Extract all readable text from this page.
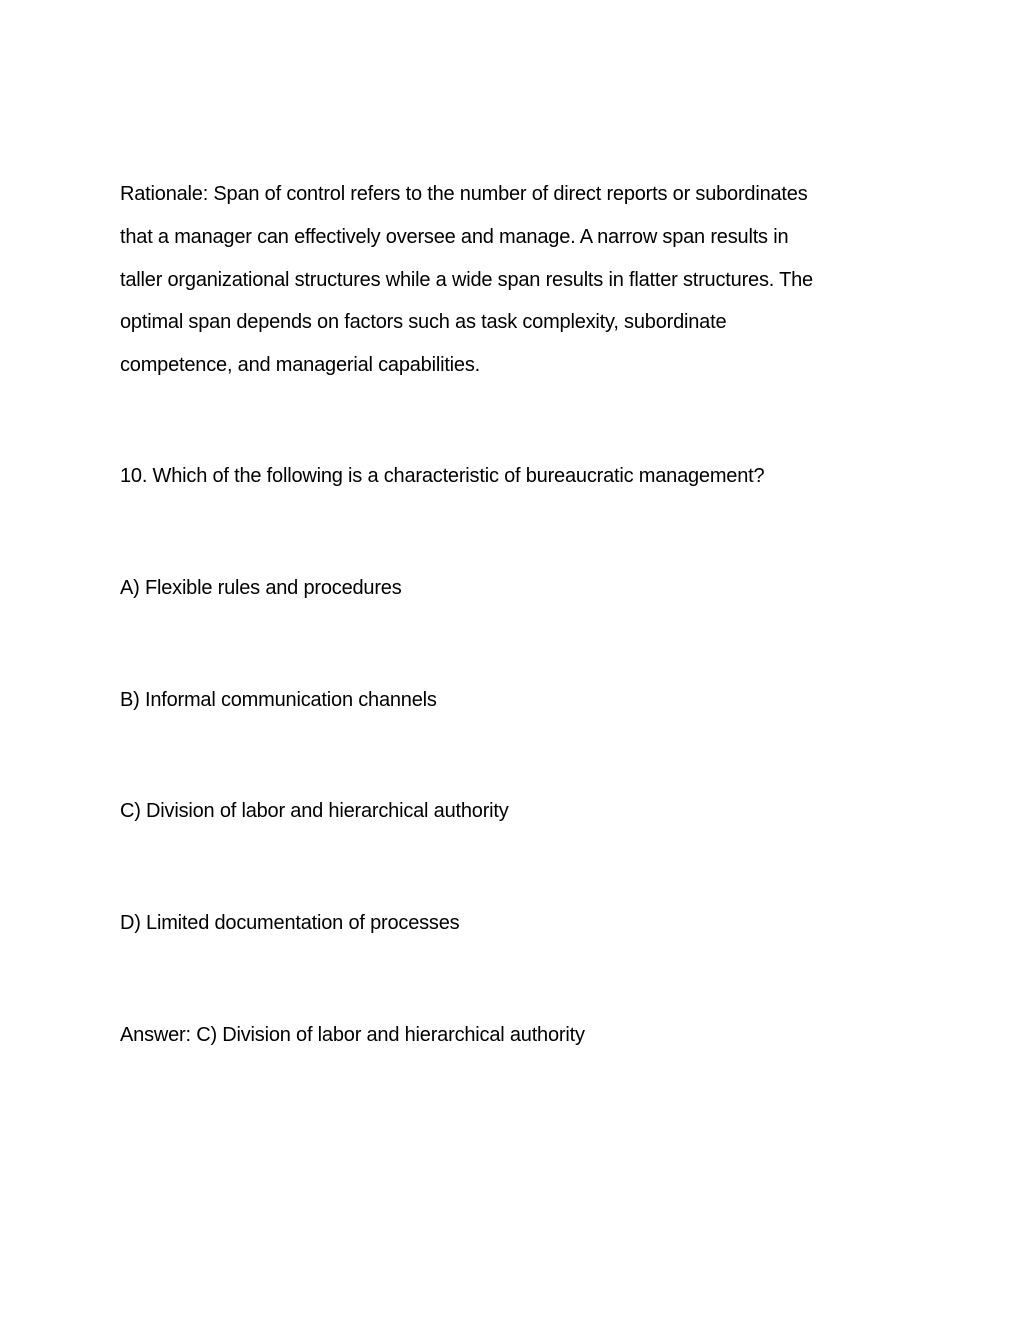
Rationale: Span of control refers to the number of direct reports or subordinates
that a manager can effectively oversee and manage. A narrow span results in
taller organizational structures while a wide span results in flatter structures. The
optimal span depends on factors such as task complexity, subordinate
competence, and managerial capabilities.

10. Which of the following is a characteristic of bureaucratic management?

A) Flexible rules and procedures

B) Informal communication channels

C) Division of labor and hierarchical authority

D) Limited documentation of processes

Answer: C) Division of labor and hierarchical authority
